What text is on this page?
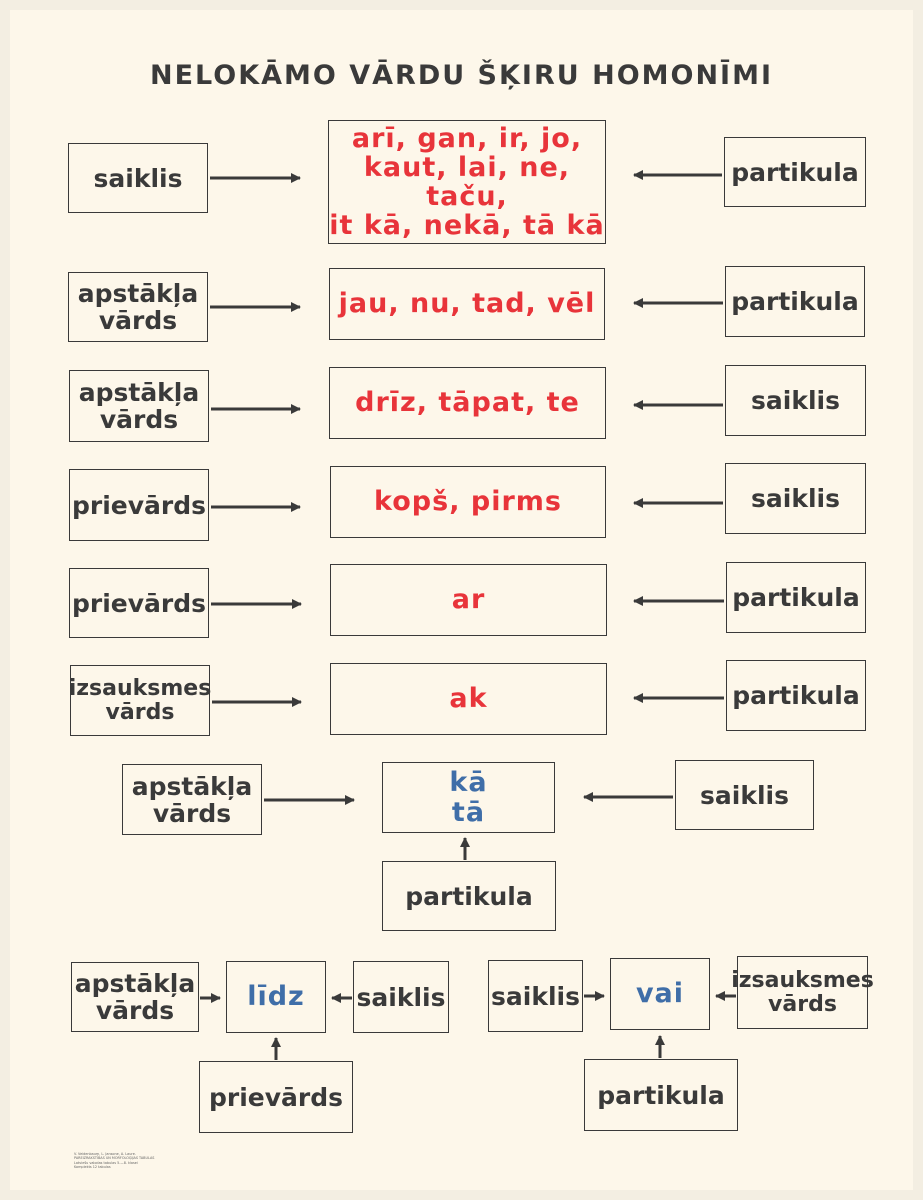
NELOKĀMO VĀRDU ŠĶIRU HOMONĪMI
saiklis
arī, gan, ir, jo,
kaut, lai, ne, taču,
it kā, nekā, tā kā
partikula
apstākļa
vārds
jau, nu, tad, vēl	partikula
apstākļa
vārds
drīz, tāpat, te	saiklis
prievārds	kopš, pirms	saiklis
prievārds	ar	partikula
izsauksmes
vārds	ak	partikula
apstākļa
vārds
kā
tā
saiklis
partikula
apstākļa
vārds	līdz saiklis
prievārds
saiklis vai izsauksmes
vārds
partikula
V. Veidenbaum, L. Jansone, A. Laure.
PAREIZRAKSTĪBAS UN MORFOLOĢIJAS TABULAS
Latviešu valodas tabulas 5.—8. klasei
Komplekts 12 tabulas
